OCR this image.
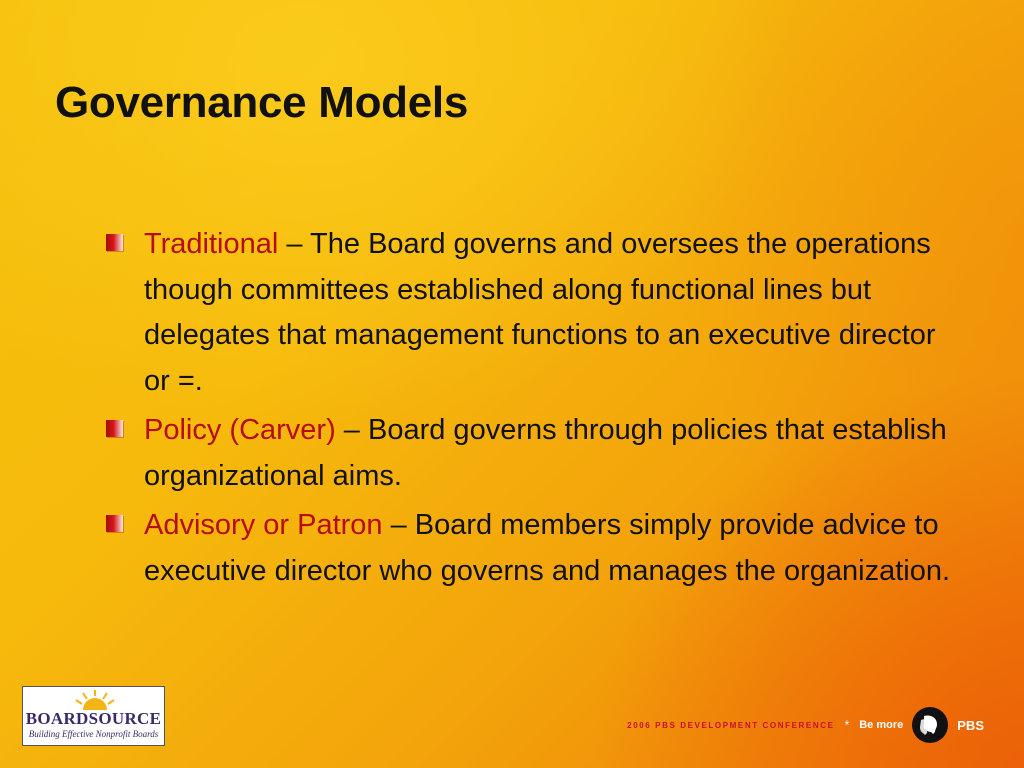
Governance Models
Traditional – The Board governs and oversees the operations though committees established along functional lines but delegates that management functions to an executive director or =.
Policy (Carver) – Board governs through policies that establish organizational aims.
Advisory or Patron – Board members simply provide advice to executive director who governs and manages the organization.
BOARDSOURCE
Building Effective Nonprofit Boards
2006 PBS DEVELOPMENT CONFERENCE * Be more	PBS
